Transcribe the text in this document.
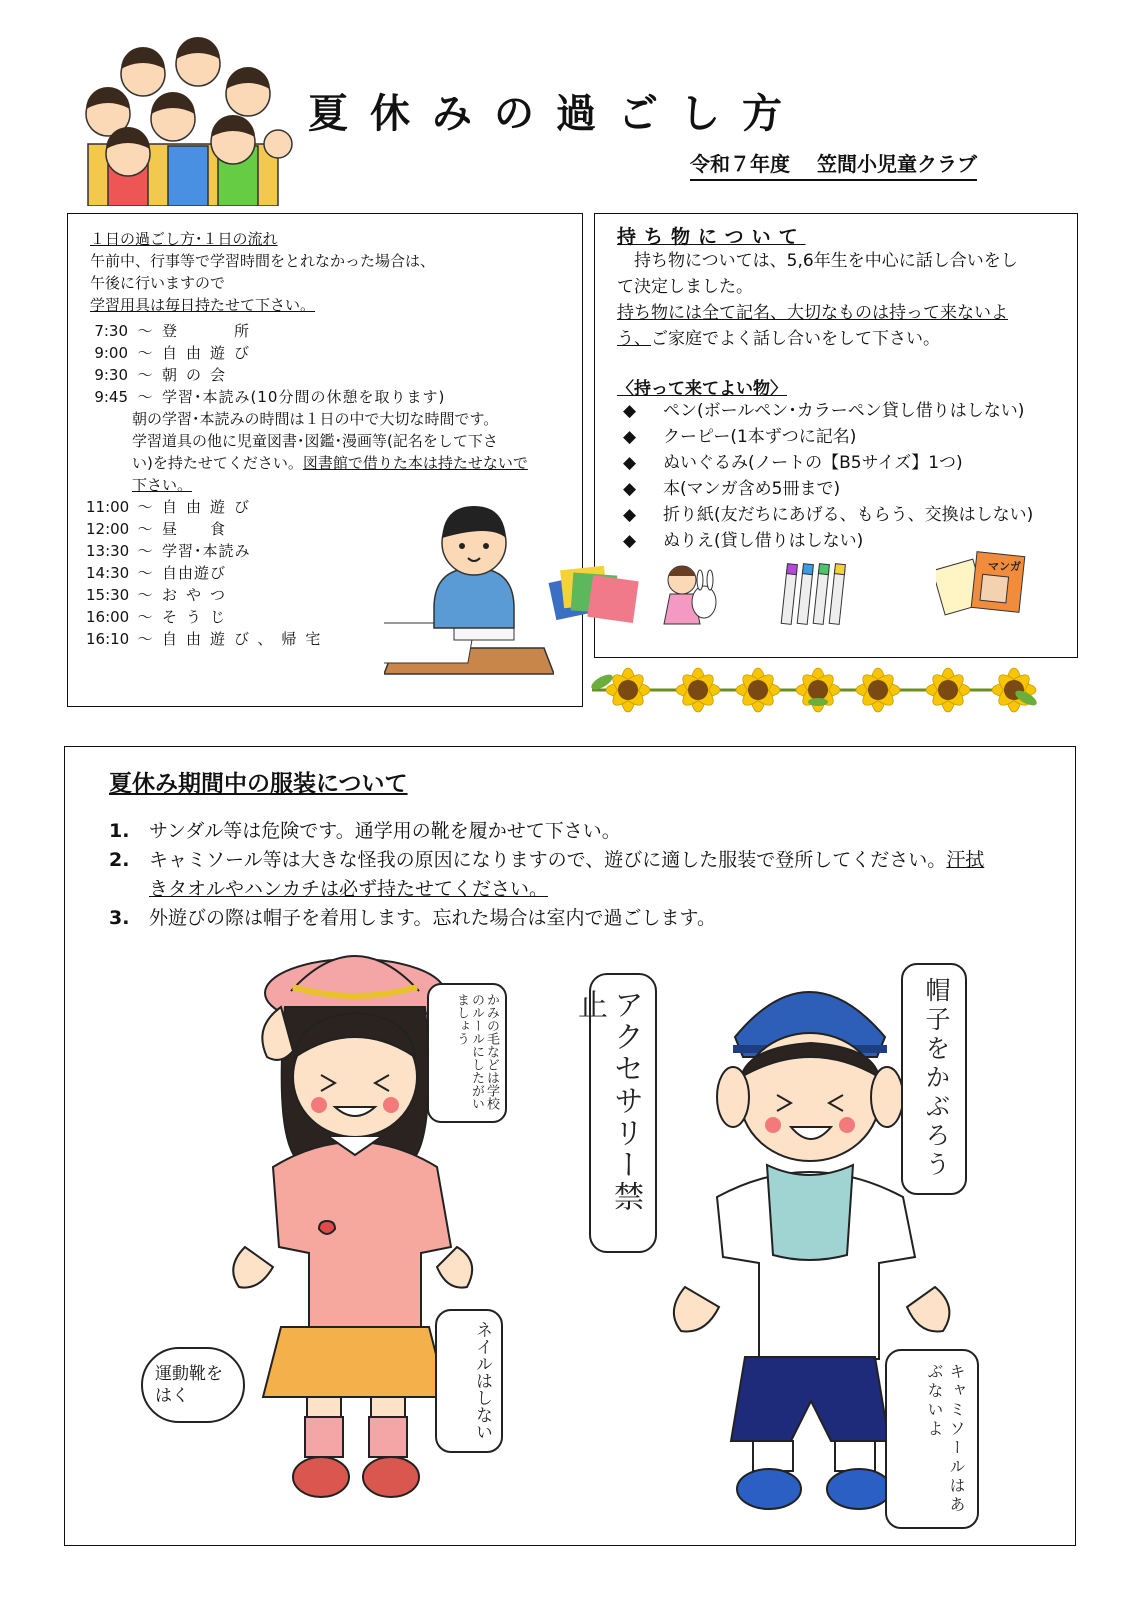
夏休みの過ごし方
令和７年度　 笠間小児童クラブ
１日の過ごし方･１日の流れ
午前中、行事等で学習時間をとれなかった場合は、
午後に行いますので
学習用具は毎日持たせて下さい。
7:30 ～ 登　　所
9:00 ～ 自由遊び
9:30 ～ 朝の会
9:45 ～ 学習･本読み(10分間の休憩を取ります)
朝の学習･本読みの時間は１日の中で大切な時間です。
学習道具の他に児童図書･図鑑･漫画等(記名をして下さ
い)を持たせてください。図書館で借りた本は持たせないで
下さい。
11:00 ～ 自由遊び
12:00 ～ 昼　食
13:30 ～ 学習･本読み
14:30 ～ 自由遊び
15:30 ～ おやつ
16:00 ～ そうじ
16:10 ～ 自由遊び、帰宅
持ち物について

　持ち物については、5,6年生を中心に話し合いをし

て決定しました。

持ち物には全て記名、大切なものは持って来ないよ

う、ご家庭でよく話し合いをして下さい。

〈持って来てよい物〉
◆ ペン(ボールペン･カラーペン貸し借りはしない)
◆ クーピー(1本ずつに記名)
◆ ぬいぐるみ(ノートの【B5サイズ】1つ)
◆ 本(マンガ含め5冊まで)
◆ 折り紙(友だちにあげる、もらう、交換はしない)
◆ ぬりえ(貸し借りはしない)
マンガ
夏休み期間中の服装について
1. サンダル等は危険です。通学用の靴を履かせて下さい。
2. キャミソール等は大きな怪我の原因になりますので、遊びに適した服装で登所してください。汗拭
きタオルやハンカチは必ず持たせてください。
3. 外遊びの際は帽子を着用します。忘れた場合は室内で過ごします。
かみの毛などは学校のルールにしたがいましょう
運動靴をはく	ネイルはしない
アクセサリー禁止	帽子をかぶろう
キャミソールはあぶないよ
